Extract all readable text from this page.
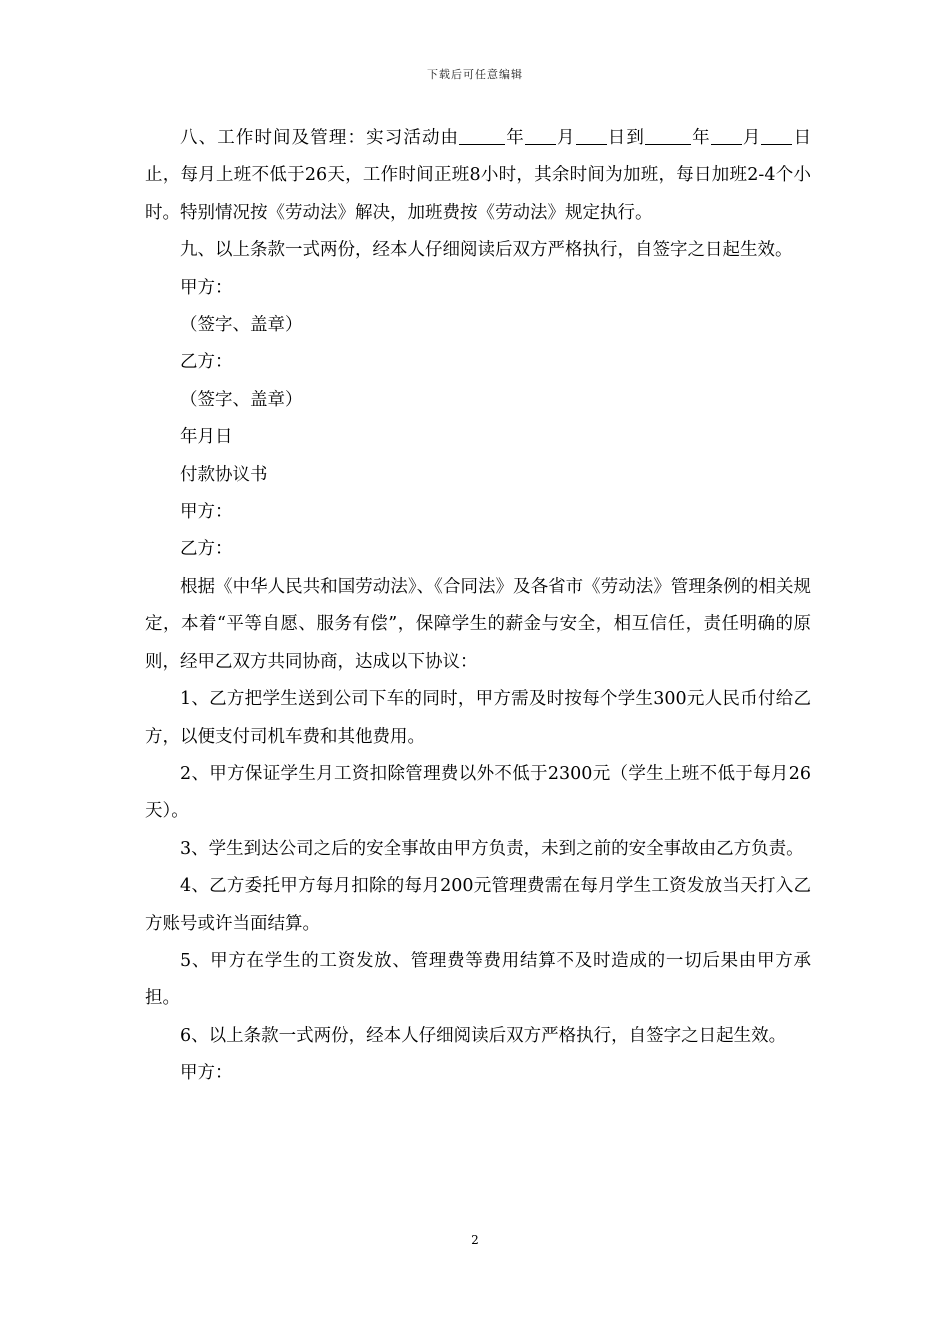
下载后可任意编辑

八、工作时间及管理：实习活动由	年 月 日到	年 月 日止，每月上班不低于26天，工作时间正班8小时，其余时间为加班，每日加班2-4个小时。特别情况按《劳动法》解决，加班费按《劳动法》规定执行。

九、以上条款一式两份，经本人仔细阅读后双方严格执行，自签字之日起生效。

甲方：

（签字、盖章）

乙方：

（签字、盖章）

年月日

付款协议书

甲方：

乙方：

根据《中华人民共和国劳动法》、《合同法》及各省市《劳动法》管理条例的相关规定，本着“平等自愿、服务有偿”，保障学生的薪金与安全，相互信任，责任明确的原则，经甲乙双方共同协商，达成以下协议：

1、乙方把学生送到公司下车的同时，甲方需及时按每个学生300元人民币付给乙方，以便支付司机车费和其他费用。

2、甲方保证学生月工资扣除管理费以外不低于2300元（学生上班不低于每月26天）。

3、学生到达公司之后的安全事故由甲方负责，未到之前的安全事故由乙方负责。

4、乙方委托甲方每月扣除的每月200元管理费需在每月学生工资发放当天打入乙方账号或许当面结算。

5、甲方在学生的工资发放、管理费等费用结算不及时造成的一切后果由甲方承担。

6、以上条款一式两份，经本人仔细阅读后双方严格执行，自签字之日起生效。

甲方：

2
